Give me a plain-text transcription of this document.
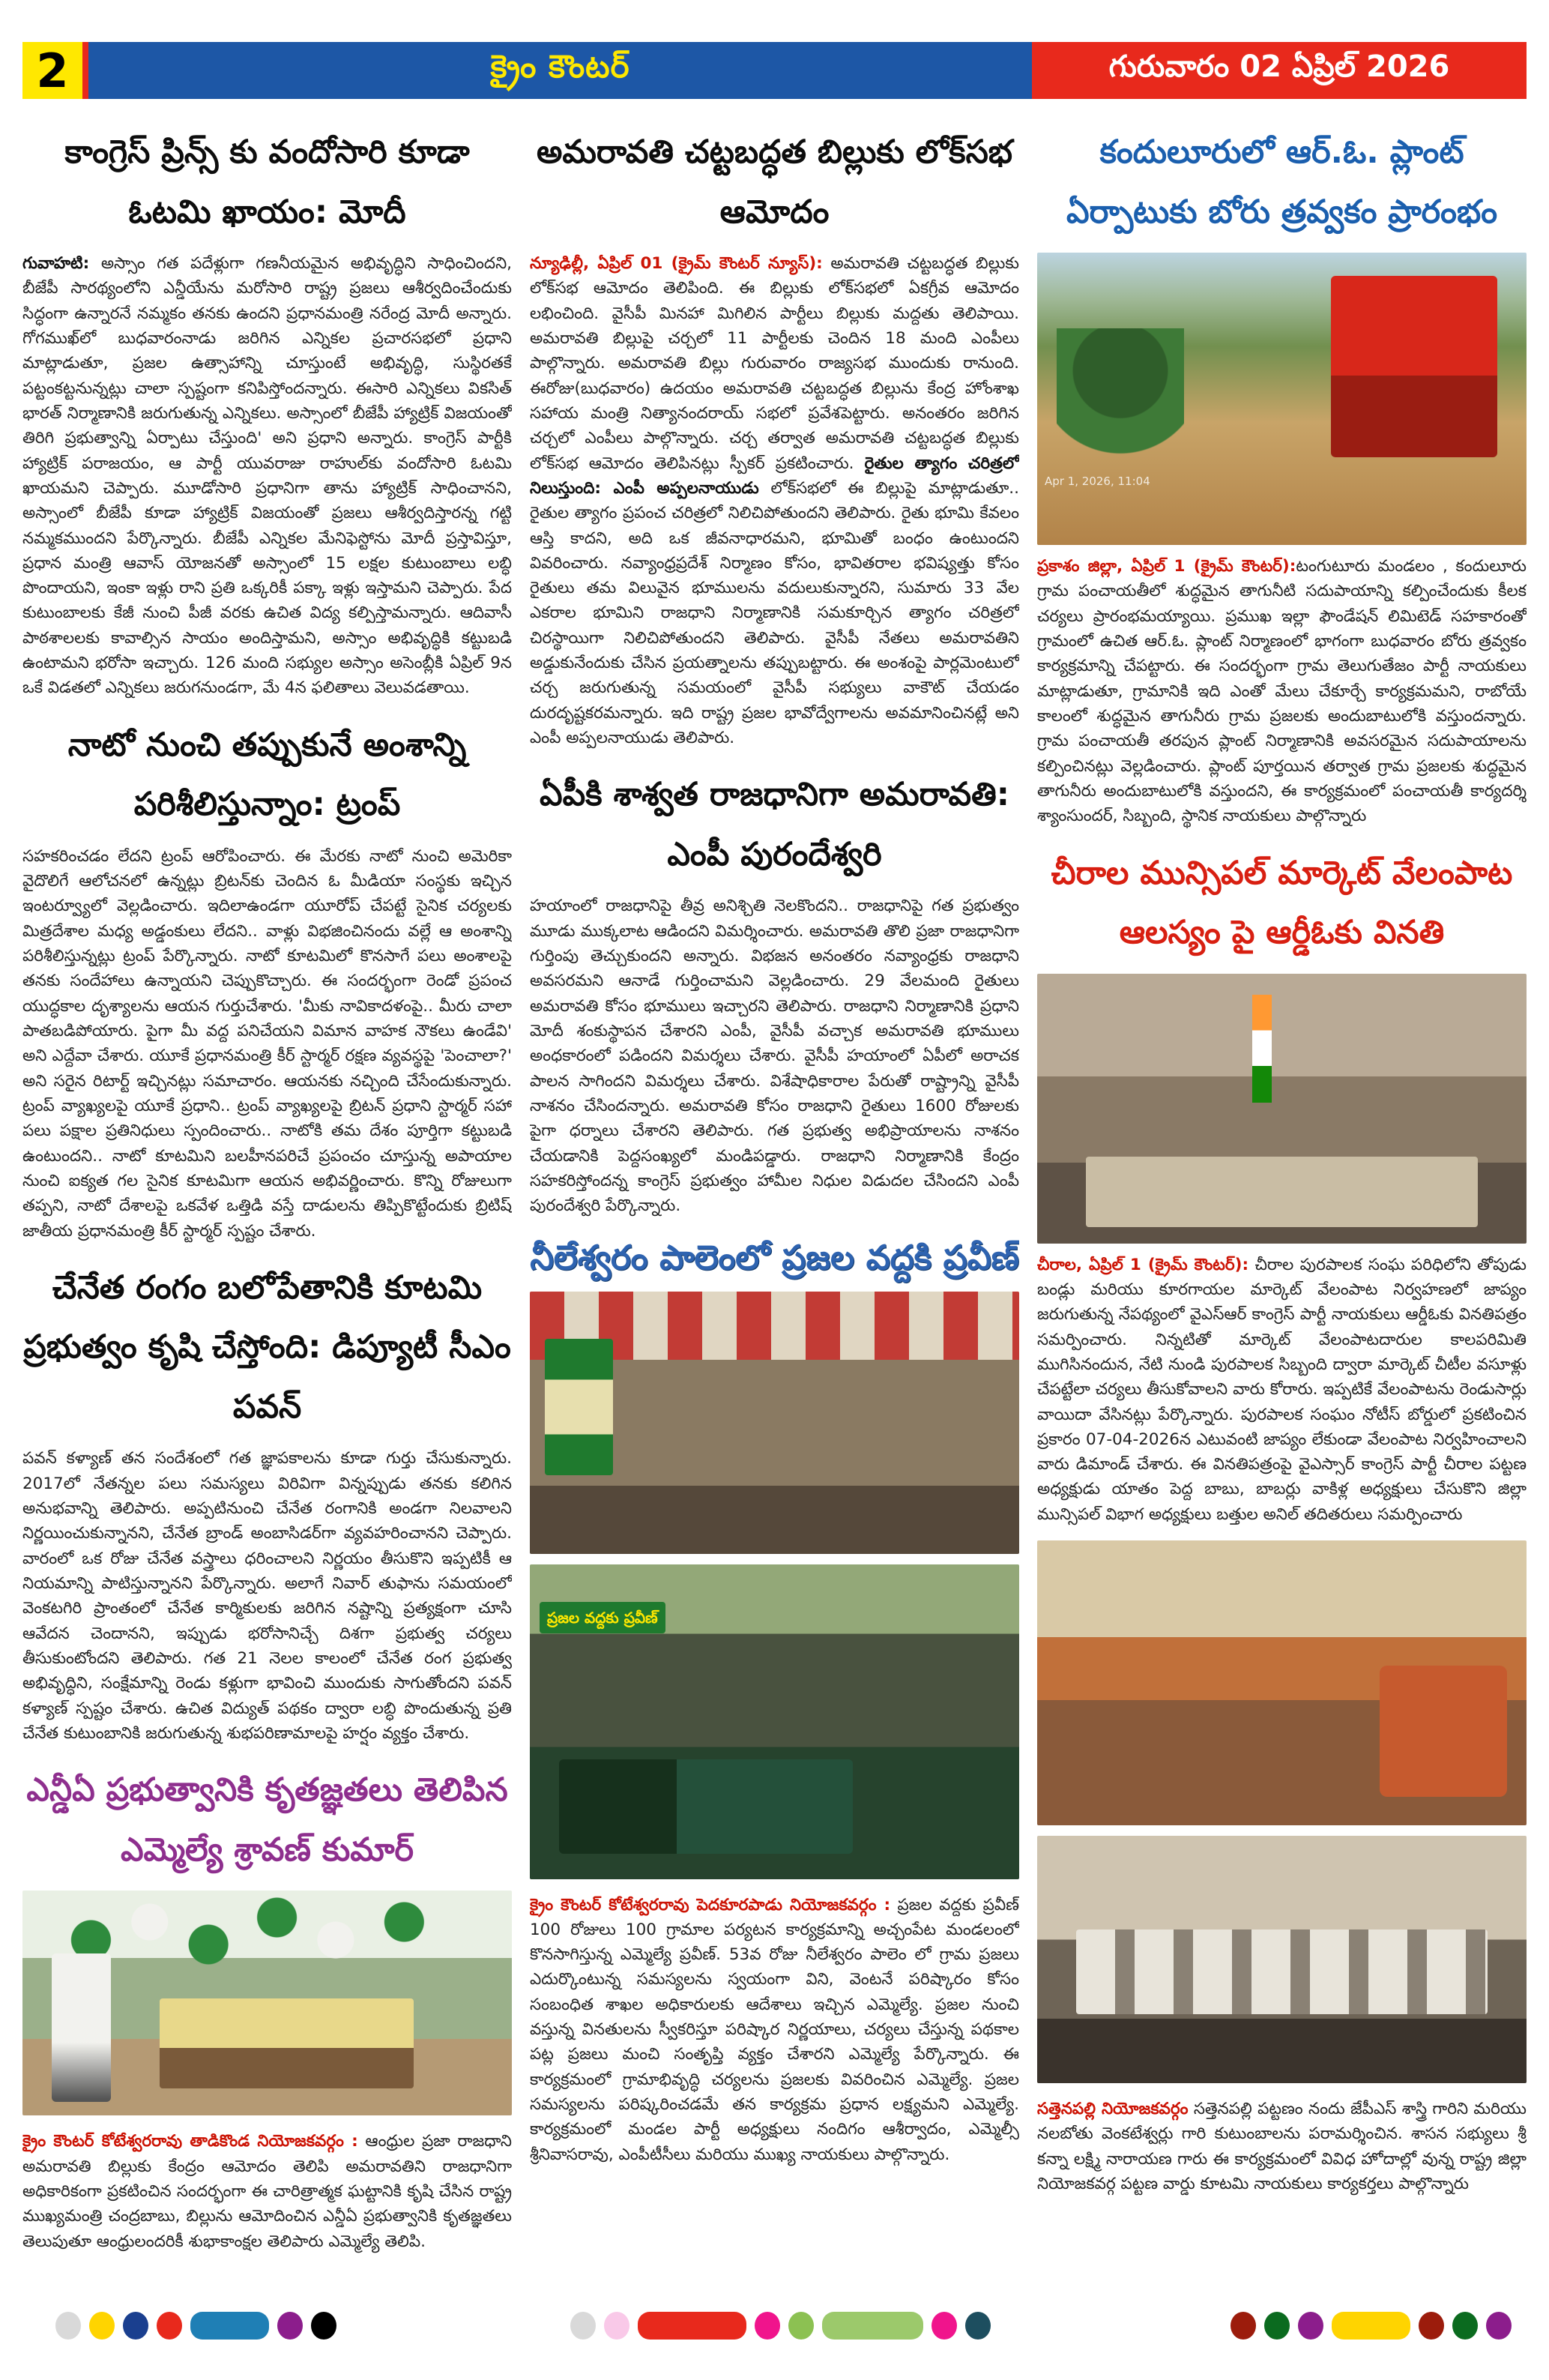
2	క్రైం కౌంటర్	గురువారం 02 ఏప్రిల్ 2026
కాంగ్రెస్ ప్రిన్స్ కు వందోసారి కూడా ఓటమి ఖాయం: మోదీ

గువాహటి: అస్సాం గత పదేళ్లుగా గణనీయమైన అభివృద్ధిని సాధించిందని, బీజేపీ సారథ్యంలోని ఎన్డీయేను మరోసారి రాష్ట్ర ప్రజలు ఆశీర్వదించేందుకు సిద్ధంగా ఉన్నారనే నమ్మకం తనకు ఉందని ప్రధానమంత్రి నరేంద్ర మోదీ అన్నారు. గోగముఖ్‌లో బుధవారంనాడు జరిగిన ఎన్నికల ప్రచారసభలో ప్రధాని మాట్లాడుతూ, ప్రజల ఉత్సాహాన్ని చూస్తుంటే అభివృద్ధి, సుస్థిరతకే పట్టంకట్టనున్నట్లు చాలా స్పష్టంగా కనిపిస్తోందన్నారు. ఈసారి ఎన్నికలు వికసిత్ భారత్ నిర్మాణానికి జరుగుతున్న ఎన్నికలు. అస్సాంలో బీజేపీ హ్యాట్రిక్ విజయంతో తిరిగి ప్రభుత్వాన్ని ఏర్పాటు చేస్తుంది' అని ప్రధాని అన్నారు. కాంగ్రెస్ పార్టీకి హ్యాట్రిక్ పరాజయం, ఆ పార్టీ యువరాజు రాహుల్‌కు వందోసారి ఓటమి ఖాయమని చెప్పారు. మూడోసారి ప్రధానిగా తాను హ్యాట్రిక్ సాధించానని, అస్సాంలో బీజేపీ కూడా హ్యాట్రిక్ విజయంతో ప్రజలు ఆశీర్వదిస్తారన్న గట్టి నమ్మకముందని పేర్కొన్నారు. బీజేపీ ఎన్నికల మేనిఫెస్టోను మోదీ ప్రస్తావిస్తూ, ప్రధాన మంత్రి ఆవాస్ యోజనతో అస్సాంలో 15 లక్షల కుటుంబాలు లబ్ధి పొందాయని, ఇంకా ఇళ్లు రాని ప్రతి ఒక్కరికీ పక్కా ఇళ్లు ఇస్తామని చెప్పారు. పేద కుటుంబాలకు కేజీ నుంచి పీజీ వరకు ఉచిత విద్య కల్పిస్తామన్నారు. ఆదివాసీ పాఠశాలలకు కావాల్సిన సాయం అందిస్తామని, అస్సాం అభివృద్ధికి కట్టుబడి ఉంటామని భరోసా ఇచ్చారు. 126 మంది సభ్యుల అస్సాం అసెంబ్లీకి ఏప్రిల్ 9న ఒకే విడతలో ఎన్నికలు జరుగనుండగా, మే 4న ఫలితాలు వెలువడతాయి.

నాటో నుంచి తప్పుకునే అంశాన్ని పరిశీలిస్తున్నాం: ట్రంప్

సహకరించడం లేదని ట్రంప్ ఆరోపించారు. ఈ మేరకు నాటో నుంచి అమెరికా వైదొలిగే ఆలోచనలో ఉన్నట్లు బ్రిటన్‌కు చెందిన ఓ మీడియా సంస్థకు ఇచ్చిన ఇంటర్వ్యూలో వెల్లడించారు. ఇదిలాఉండగా యూరోప్ చేపట్టే సైనిక చర్యలకు మిత్రదేశాల మధ్య అడ్డంకులు లేదని.. వాళ్లు విభజించినందు వల్లే ఆ అంశాన్ని పరిశీలిస్తున్నట్లు ట్రంప్ పేర్కొన్నారు. నాటో కూటమిలో కొనసాగే పలు అంశాలపై తనకు సందేహాలు ఉన్నాయని చెప్పుకొచ్చారు. ఈ సందర్భంగా రెండో ప్రపంచ యుద్ధకాల దృశ్యాలను ఆయన గుర్తుచేశారు. 'మీకు నావికాదళంపై.. మీరు చాలా పాతబడిపోయారు. పైగా మీ వద్ద పనిచేయని విమాన వాహక నౌకలు ఉండేవి' అని ఎద్దేవా చేశారు. యూకే ప్రధానమంత్రి కీర్ స్టార్మర్ రక్షణ వ్యవస్థపై 'పెంచాలా?' అని సరైన రిటార్ట్ ఇచ్చినట్లు సమాచారం. ఆయనకు నచ్చింది చేసేందుకున్నారు. ట్రంప్ వ్యాఖ్యలపై యూకే ప్రధాని.. ట్రంప్ వ్యాఖ్యలపై బ్రిటన్ ప్రధాని స్టార్మర్ సహా పలు పక్షాల ప్రతినిధులు స్పందించారు.. నాటోకి తమ దేశం పూర్తిగా కట్టుబడి ఉంటుందని.. నాటో కూటమిని బలహీనపరిచే ప్రపంచం చూస్తున్న అపాయాల నుంచి ఐక్యత గల సైనిక కూటమిగా ఆయన అభివర్ణించారు. కొన్ని రోజులుగా తప్పని, నాటో దేశాలపై ఒకవేళ ఒత్తిడి వస్తే దాడులను తిప్పికొట్టేందుకు బ్రిటిష్ జాతీయ ప్రధానమంత్రి కీర్ స్టార్మర్ స్పష్టం చేశారు.

చేనేత రంగం బలోపేతానికి కూటమి ప్రభుత్వం కృషి చేస్తోంది: డిప్యూటీ సీఎం పవన్

పవన్ కళ్యాణ్ తన సందేశంలో గత జ్ఞాపకాలను కూడా గుర్తు చేసుకున్నారు. 2017లో నేతన్నల పలు సమస్యలు విరివిగా విన్నప్పుడు తనకు కలిగిన అనుభవాన్ని తెలిపారు. అప్పటినుంచి చేనేత రంగానికి అండగా నిలవాలని నిర్ణయించుకున్నానని, చేనేత బ్రాండ్ అంబాసిడర్‌గా వ్యవహరించానని చెప్పారు. వారంలో ఒక రోజు చేనేత వస్త్రాలు ధరించాలని నిర్ణయం తీసుకొని ఇప్పటికీ ఆ నియమాన్ని పాటిస్తున్నానని పేర్కొన్నారు. అలాగే నివార్ తుఫాను సమయంలో వెంకటగిరి ప్రాంతంలో చేనేత కార్మికులకు జరిగిన నష్టాన్ని ప్రత్యక్షంగా చూసి ఆవేదన చెందానని, ఇప్పుడు భరోసానిచ్చే దిశగా ప్రభుత్వ చర్యలు తీసుకుంటోందని తెలిపారు. గత 21 నెలల కాలంలో చేనేత రంగ ప్రభుత్వ అభివృద్ధిని, సంక్షేమాన్ని రెండు కళ్లుగా భావించి ముందుకు సాగుతోందని పవన్ కళ్యాణ్ స్పష్టం చేశారు. ఉచిత విద్యుత్ పథకం ద్వారా లబ్ధి పొందుతున్న ప్రతి చేనేత కుటుంబానికి జరుగుతున్న శుభపరిణామాలపై హర్షం వ్యక్తం చేశారు.

ఎన్డీఏ ప్రభుత్వానికి కృతజ్ఞతలు తెలిపిన ఎమ్మెల్యే శ్రావణ్ కుమార్

క్రైం కౌంటర్ కోటేశ్వరరావు తాడికొండ నియోజకవర్గం : ఆంధ్రుల ప్రజా రాజధాని అమరావతి బిల్లుకు కేంద్రం ఆమోదం తెలిపి అమరావతిని రాజధానిగా అధికారికంగా ప్రకటించిన సందర్భంగా ఈ చారిత్రాత్మక ఘట్టానికి కృషి చేసిన రాష్ట్ర ముఖ్యమంత్రి చంద్రబాబు, బిల్లును ఆమోదించిన ఎన్డీఏ ప్రభుత్వానికి కృతజ్ఞతలు తెలుపుతూ ఆంధ్రులందరికీ శుభాకాంక్షల తెలిపారు ఎమ్మెల్యే తెలిపి.

అమరావతి చట్టబద్ధత బిల్లుకు లోక్‌సభ ఆమోదం

న్యూఢిల్లీ, ఏప్రిల్ 01 (క్రైమ్ కౌంటర్ న్యూస్): అమరావతి చట్టబద్ధత బిల్లుకు లోక్‌సభ ఆమోదం తెలిపింది. ఈ బిల్లుకు లోక్‌సభలో ఏకగ్రీవ ఆమోదం లభించింది. వైసీపీ మినహా మిగిలిన పార్టీలు బిల్లుకు మద్దతు తెలిపాయి. అమరావతి బిల్లుపై చర్చలో 11 పార్టీలకు చెందిన 18 మంది ఎంపీలు పాల్గొన్నారు. అమరావతి బిల్లు గురువారం రాజ్యసభ ముందుకు రానుంది. ఈరోజు(బుధవారం) ఉదయం అమరావతి చట్టబద్ధత బిల్లును కేంద్ర హోంశాఖ సహాయ మంత్రి నిత్యానందరాయ్ సభలో ప్రవేశపెట్టారు. అనంతరం జరిగిన చర్చలో ఎంపీలు పాల్గొన్నారు. చర్చ తర్వాత అమరావతి చట్టబద్ధత బిల్లుకు లోక్‌సభ ఆమోదం తెలిపినట్లు స్పీకర్ ప్రకటించారు. రైతుల త్యాగం చరిత్రలో నిలుస్తుంది: ఎంపీ అప్పలనాయుడు లోక్‌సభలో ఈ బిల్లుపై మాట్లాడుతూ.. రైతుల త్యాగం ప్రపంచ చరిత్రలో నిలిచిపోతుందని తెలిపారు. రైతు భూమి కేవలం ఆస్తి కాదని, అది ఒక జీవనాధారమని, భూమితో బంధం ఉంటుందని వివరించారు. నవ్యాంధ్రప్రదేశ్ నిర్మాణం కోసం, భావితరాల భవిష్యత్తు కోసం రైతులు తమ విలువైన భూములను వదులుకున్నారని, సుమారు 33 వేల ఎకరాల భూమిని రాజధాని నిర్మాణానికి సమకూర్చిన త్యాగం చరిత్రలో చిరస్థాయిగా నిలిచిపోతుందని తెలిపారు. వైసీపీ నేతలు అమరావతిని అడ్డుకునేందుకు చేసిన ప్రయత్నాలను తప్పుబట్టారు. ఈ అంశంపై పార్లమెంటులో చర్చ జరుగుతున్న సమయంలో వైసీపీ సభ్యులు వాకౌట్ చేయడం దురదృష్టకరమన్నారు. ఇది రాష్ట్ర ప్రజల భావోద్వేగాలను అవమానించినట్లే అని ఎంపీ అప్పలనాయుడు తెలిపారు.

ఏపీకి శాశ్వత రాజధానిగా అమరావతి: ఎంపీ పురందేశ్వరి

హయాంలో రాజధానిపై తీవ్ర అనిశ్చితి నెలకొందని.. రాజధానిపై గత ప్రభుత్వం మూడు ముక్కలాట ఆడిందని విమర్శించారు. అమరావతి తొలి ప్రజా రాజధానిగా గుర్తింపు తెచ్చుకుందని అన్నారు. విభజన అనంతరం నవ్యాంధ్రకు రాజధాని అవసరమని ఆనాడే గుర్తించామని వెల్లడించారు. 29 వేలమంది రైతులు అమరావతి కోసం భూములు ఇచ్చారని తెలిపారు. రాజధాని నిర్మాణానికి ప్రధాని మోదీ శంకుస్థాపన చేశారని ఎంపీ, వైసీపీ వచ్చాక అమరావతి భూములు అంధకారంలో పడిందని విమర్శలు చేశారు. వైసీపీ హయాంలో ఏపీలో అరాచక పాలన సాగిందని విమర్శలు చేశారు. విశేషాధికారాల పేరుతో రాష్ట్రాన్ని వైసీపీ నాశనం చేసిందన్నారు. అమరావతి కోసం రాజధాని రైతులు 1600 రోజులకు పైగా ధర్నాలు చేశారని తెలిపారు. గత ప్రభుత్వ అభిప్రాయాలను నాశనం చేయడానికి పెద్దసంఖ్యలో మండిపడ్డారు. రాజధాని నిర్మాణానికి కేంద్రం సహకరిస్తోందన్న కాంగ్రెస్ ప్రభుత్వం హామీల నిధుల విడుదల చేసిందని ఎంపీ పురందేశ్వరి పేర్కొన్నారు.

నీలేశ్వరం పాలెంలో ప్రజల వద్దకి ప్రవీణ్
ప్రజల వద్దకు ప్రవీణ్

క్రైం కౌంటర్ కోటేశ్వరరావు పెదకూరపాడు నియోజకవర్గం : ప్రజల వద్దకు ప్రవీణ్ 100 రోజులు 100 గ్రామాల పర్యటన కార్యక్రమాన్ని అచ్చంపేట మండలంలో కొనసాగిస్తున్న ఎమ్మెల్యే ప్రవీణ్. 53వ రోజు నీలేశ్వరం పాలెం లో గ్రామ ప్రజలు ఎదుర్కొంటున్న సమస్యలను స్వయంగా విని, వెంటనే పరిష్కారం కోసం సంబంధిత శాఖల అధికారులకు ఆదేశాలు ఇచ్చిన ఎమ్మెల్యే. ప్రజల నుంచి వస్తున్న వినతులను స్వీకరిస్తూ పరిష్కార నిర్ణయాలు, చర్యలు చేస్తున్న పథకాల పట్ల ప్రజలు మంచి సంతృప్తి వ్యక్తం చేశారని ఎమ్మెల్యే పేర్కొన్నారు. ఈ కార్యక్రమంలో గ్రామాభివృద్ధి చర్యలను ప్రజలకు వివరించిన ఎమ్మెల్యే. ప్రజల సమస్యలను పరిష్కరించడమే తన కార్యక్రమ ప్రధాన లక్ష్యమని ఎమ్మెల్యే. కార్యక్రమంలో మండల పార్టీ అధ్యక్షులు నందిగం ఆశీర్వాదం, ఎమ్మెల్సీ శ్రీనివాసరావు, ఎంపీటీసీలు మరియు ముఖ్య నాయకులు పాల్గొన్నారు.

కందులూరులో ఆర్.ఓ. ప్లాంట్ ఏర్పాటుకు బోరు త్రవ్వకం ప్రారంభం
Apr 1, 2026, 11:04

ప్రకాశం జిల్లా, ఏప్రిల్ 1 (క్రైమ్ కౌంటర్):టంగుటూరు మండలం , కందులూరు గ్రామ పంచాయతీలో శుద్ధమైన తాగునీటి సదుపాయాన్ని కల్పించేందుకు కీలక చర్యలు ప్రారంభమయ్యాయి. ప్రముఖ ఇల్లా ఫౌండేషన్ లిమిటెడ్ సహకారంతో గ్రామంలో ఉచిత ఆర్.ఓ. ప్లాంట్ నిర్మాణంలో భాగంగా బుధవారం బోరు త్రవ్వకం కార్యక్రమాన్ని చేపట్టారు. ఈ సందర్భంగా గ్రామ తెలుగుతేజం పార్టీ నాయకులు మాట్లాడుతూ, గ్రామానికి ఇది ఎంతో మేలు చేకూర్చే కార్యక్రమమని, రాబోయే కాలంలో శుద్ధమైన తాగునీరు గ్రామ ప్రజలకు అందుబాటులోకి వస్తుందన్నారు. గ్రామ పంచాయతీ తరపున ప్లాంట్ నిర్మాణానికి అవసరమైన సదుపాయాలను కల్పించినట్లు వెల్లడించారు. ప్లాంట్ పూర్తయిన తర్వాత గ్రామ ప్రజలకు శుద్ధమైన తాగునీరు అందుబాటులోకి వస్తుందని, ఈ కార్యక్రమంలో పంచాయతీ కార్యదర్శి శ్యాంసుందర్, సిబ్బంది, స్థానిక నాయకులు పాల్గొన్నారు

చీరాల మున్సిపల్ మార్కెట్ వేలంపాట ఆలస్యం పై ఆర్డీఓకు వినతి

చీరాల, ఏప్రిల్ 1 (క్రైమ్ కౌంటర్): చీరాల పురపాలక సంఘ పరిధిలోని తోపుడు బండ్లు మరియు కూరగాయల మార్కెట్ వేలంపాట నిర్వహణలో జాప్యం జరుగుతున్న నేపథ్యంలో వైఎస్ఆర్ కాంగ్రెస్ పార్టీ నాయకులు ఆర్డీఓకు వినతిపత్రం సమర్పించారు. నిన్నటితో మార్కెట్ వేలంపాటదారుల కాలపరిమితి ముగిసినందున, నేటి నుండి పురపాలక సిబ్బంది ద్వారా మార్కెట్ చీటీల వసూళ్లు చేపట్టేలా చర్యలు తీసుకోవాలని వారు కోరారు. ఇప్పటికే వేలంపాటను రెండుసార్లు వాయిదా వేసినట్లు పేర్కొన్నారు. పురపాలక సంఘం నోటీస్ బోర్డులో ప్రకటించిన ప్రకారం 07-04-2026న ఎటువంటి జాప్యం లేకుండా వేలంపాట నిర్వహించాలని వారు డిమాండ్ చేశారు. ఈ వినతిపత్రంపై వైఎస్సార్ కాంగ్రెస్ పార్టీ చీరాల పట్టణ అధ్యక్షుడు యాతం పెద్ద బాబు, బాబర్లు వాకిళ్ల అధ్యక్షులు చేసుకొని జిల్లా మున్సిపల్ విభాగ అధ్యక్షులు బత్తుల అనిల్ తదితరులు సమర్పించారు

సత్తెనపల్లి నియోజకవర్గం సత్తెనపల్లి పట్టణం నందు జేపీఎస్ శాస్త్రి గారిని మరియు నలబోతు వెంకటేశ్వర్లు గారి కుటుంబాలను పరామర్శించిన. శాసన సభ్యులు శ్రీ కన్నా లక్ష్మి నారాయణ గారు ఈ కార్యక్రమంలో వివిధ హోదాల్లో వున్న రాష్ట్ర జిల్లా నియోజకవర్గ పట్టణ వార్డు కూటమి నాయకులు కార్యకర్తలు పాల్గొన్నారు
